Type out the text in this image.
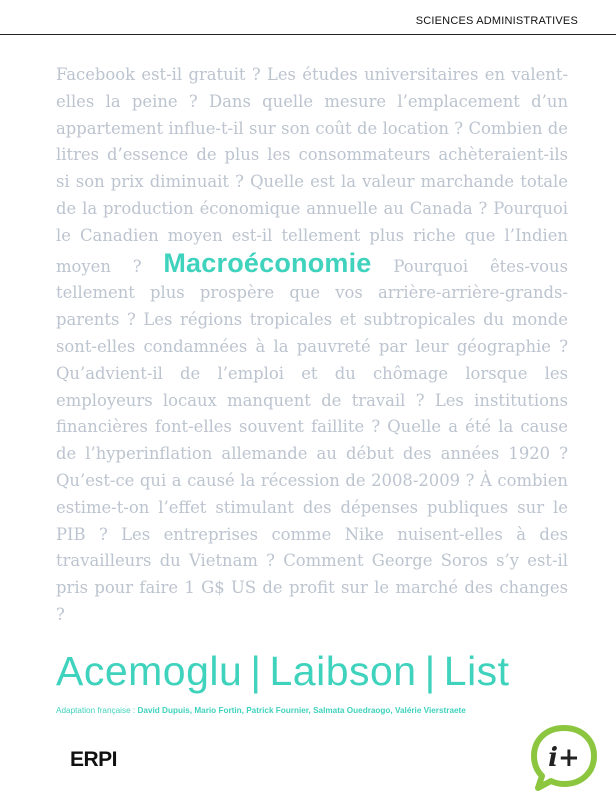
SCIENCES ADMINISTRATIVES
Facebook est-il gratuit ? Les études universitaires en valent-elles la peine ? Dans quelle mesure l’emplacement d’un appartement influe-t-il sur son coût de location ? Combien de litres d’essence de plus les consommateurs achèteraient-ils si son prix diminuait ? Quelle est la valeur marchande totale de la production économique annuelle au Canada ? Pourquoi le Canadien moyen est-il tellement plus riche que l’Indien moyen ? Macroéconomie Pourquoi êtes-vous tellement plus prospère que vos arrière-arrière-grands-parents ? Les régions tropicales et subtropicales du monde sont-elles condamnées à la pauvreté par leur géographie ? Qu’advient-il de l’emploi et du chômage lorsque les employeurs locaux manquent de travail ? Les institutions financières font-elles souvent faillite ? Quelle a été la cause de l’hyperinflation allemande au début des années 1920 ? Qu’est-ce qui a causé la récession de 2008-2009 ? À combien estime-t-on l’effet stimulant des dépenses publiques sur le PIB ? Les entreprises comme Nike nuisent-elles à des travailleurs du Vietnam ? Comment George Soros s’y est-il pris pour faire 1 G$ US de profit sur le marché des changes ?
Acemoglu | Laibson | List
Adaptation française : David Dupuis, Mario Fortin, Patrick Fournier, Salmata Ouedraogo, Valérie Vierstraete
ERPI	i+
